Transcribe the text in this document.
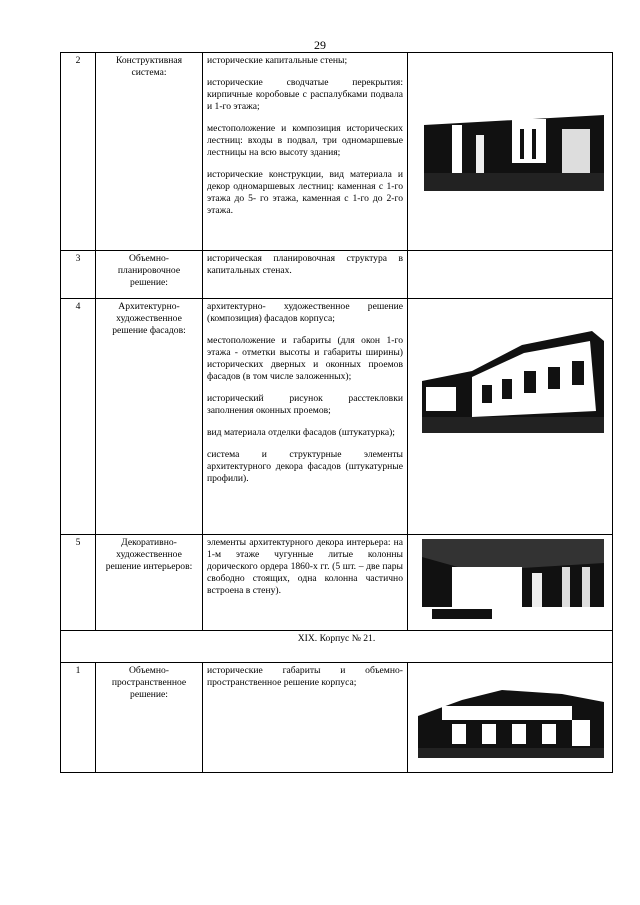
29
2	Конструктивная система:	исторические капитальные стены;
исторические сводчатые перекрытия: кирпичные коробовые с распалубками подвала и 1-го этажа;
местоположение и композиция исторических лестниц: входы в подвал, три одномаршевые лестницы на всю высоту здания;
исторические конструкции, вид материала и декор одномаршевых лестниц: каменная с 1-го этажа до 5- го этажа, каменная с 1-го до 2-го этажа.

3	Объемно-планировочное решение:	историческая планировочная структура в капитальных стенах.	

4	Архитектурно-художественное решение фасадов:	архитектурно- художественное решение (композиция) фасадов корпуса;
местоположение и габариты (для окон 1-го этажа - отметки высоты и габариты ширины) исторических дверных и оконных проемов фасадов (в том числе заложенных);
исторический рисунок расстекловки заполнения оконных проемов;
вид материала отделки фасадов (штукатурка);
система и структурные элементы архитектурного декора фасадов (штукатурные профили).

5	Декоративно-художественное решение интерьеров:	элементы архитектурного декора интерьера: на 1-м этаже чугунные литые колонны дорического ордера 1860-х гг. (5 шт. – две пары свободно стоящих, одна колонна частично встроена в стену).

XIX. Корпус № 21.			
1	Объемно-пространственное решение:	исторические габариты и объемно-пространственное решение корпуса;
